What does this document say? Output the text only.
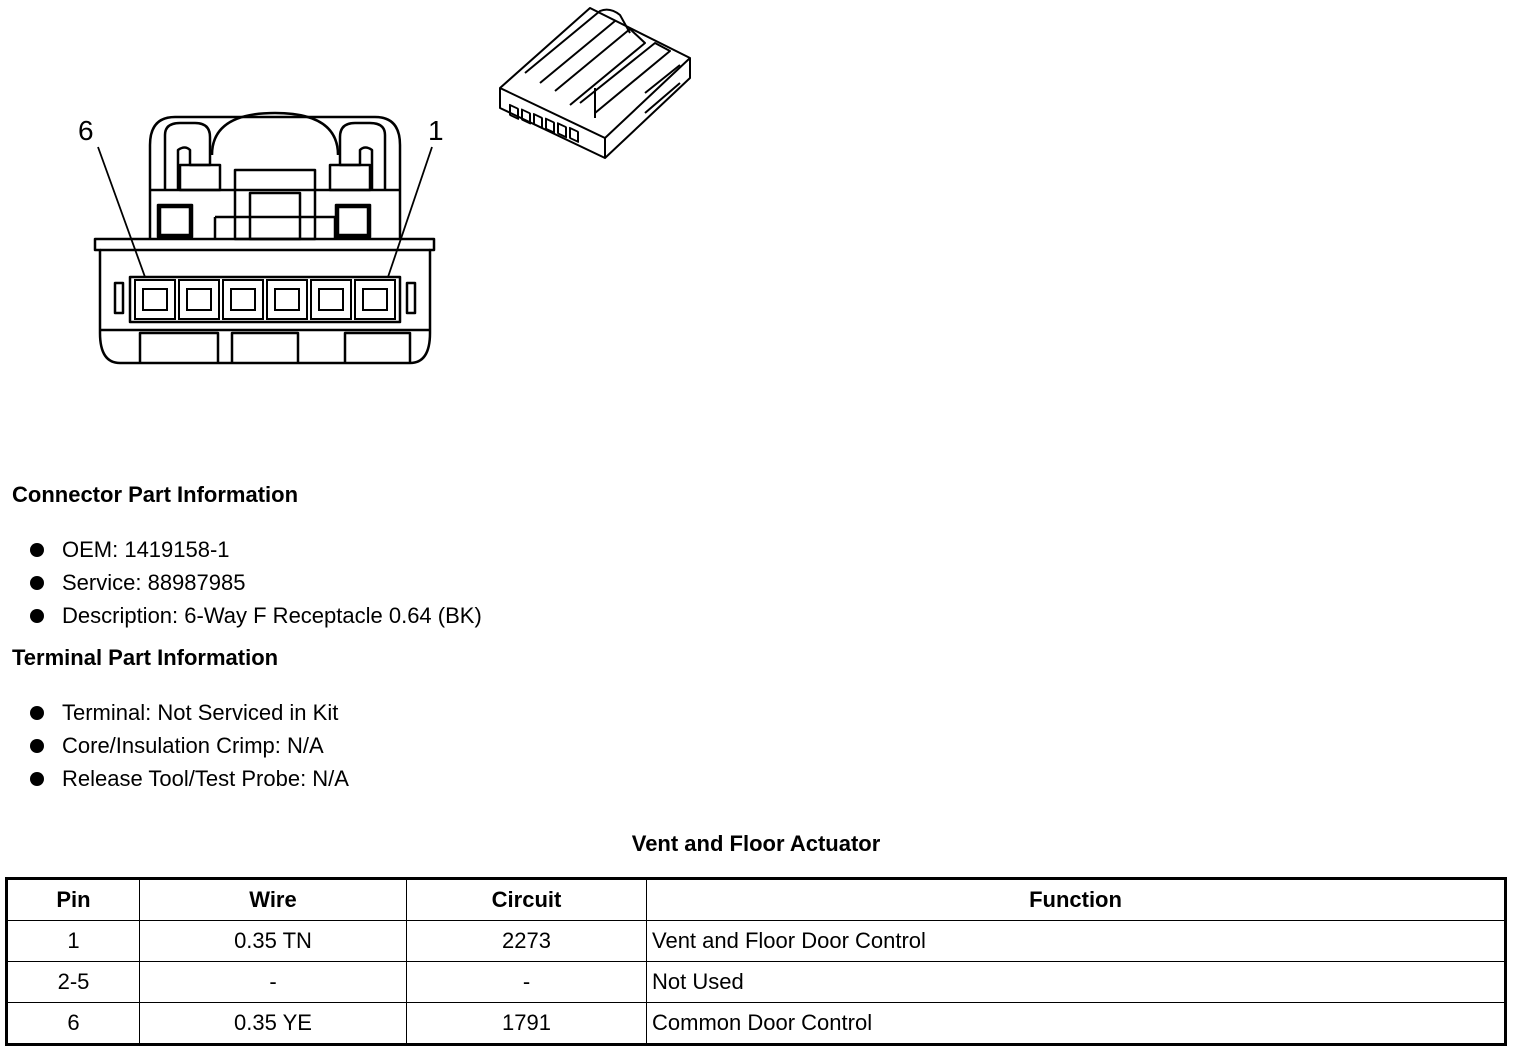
6	1
Connector Part Information
OEM: 1419158-1
Service: 88987985
Description: 6-Way F Receptacle 0.64 (BK)
Terminal Part Information
Terminal: Not Serviced in Kit
Core/Insulation Crimp: N/A
Release Tool/Test Probe: N/A
Vent and Floor Actuator
Pin	Wire	Circuit	Function
1	0.35 TN	2273	Vent and Floor Door Control
2-5	-	-	Not Used
6	0.35 YE	1791	Common Door Control
